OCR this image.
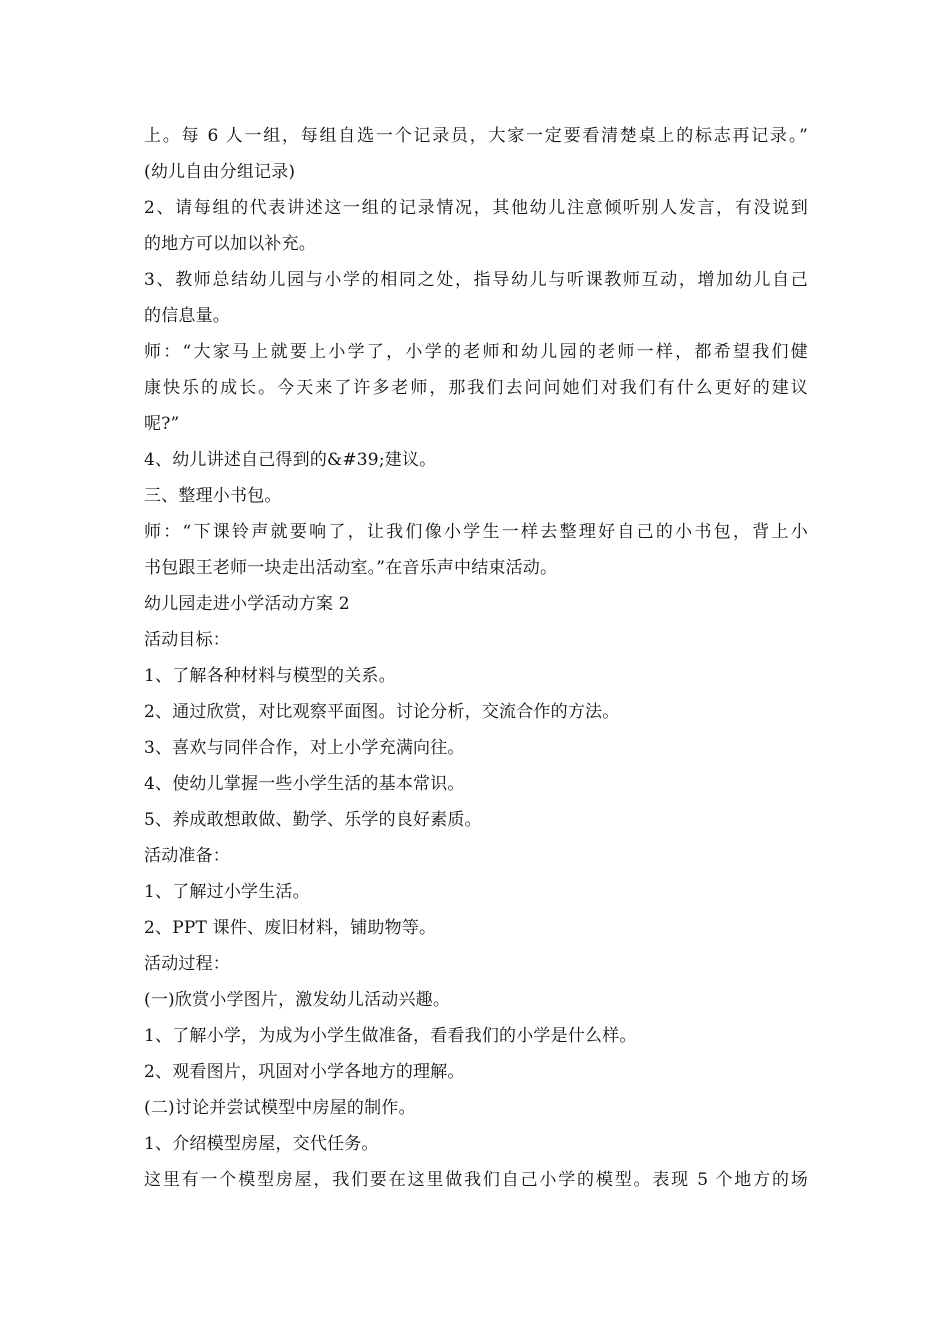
上。每 6 人一组，每组自选一个记录员，大家一定要看清楚桌上的标志再记录。”
(幼儿自由分组记录)
2、请每组的代表讲述这一组的记录情况，其他幼儿注意倾听别人发言，有没说到
的地方可以加以补充。
3、教师总结幼儿园与小学的相同之处，指导幼儿与听课教师互动，增加幼儿自己
的信息量。
师：“大家马上就要上小学了，小学的老师和幼儿园的老师一样，都希望我们健
康快乐的成长。今天来了许多老师，那我们去问问她们对我们有什么更好的建议
呢?”
4、幼儿讲述自己得到的&#39;建议。
三、整理小书包。
师：“下课铃声就要响了，让我们像小学生一样去整理好自己的小书包，背上小
书包跟王老师一块走出活动室。”在音乐声中结束活动。
幼儿园走进小学活动方案 2
活动目标：
1、了解各种材料与模型的关系。
2、通过欣赏，对比观察平面图。讨论分析，交流合作的方法。
3、喜欢与同伴合作，对上小学充满向往。
4、使幼儿掌握一些小学生活的基本常识。
5、养成敢想敢做、勤学、乐学的良好素质。
活动准备：
1、了解过小学生活。
2、PPT 课件、废旧材料，铺助物等。
活动过程：
(一)欣赏小学图片，激发幼儿活动兴趣。
1、了解小学，为成为小学生做准备，看看我们的小学是什么样。
2、观看图片，巩固对小学各地方的理解。
(二)讨论并尝试模型中房屋的制作。
1、介绍模型房屋，交代任务。
这里有一个模型房屋，我们要在这里做我们自己小学的模型。表现 5 个地方的场
